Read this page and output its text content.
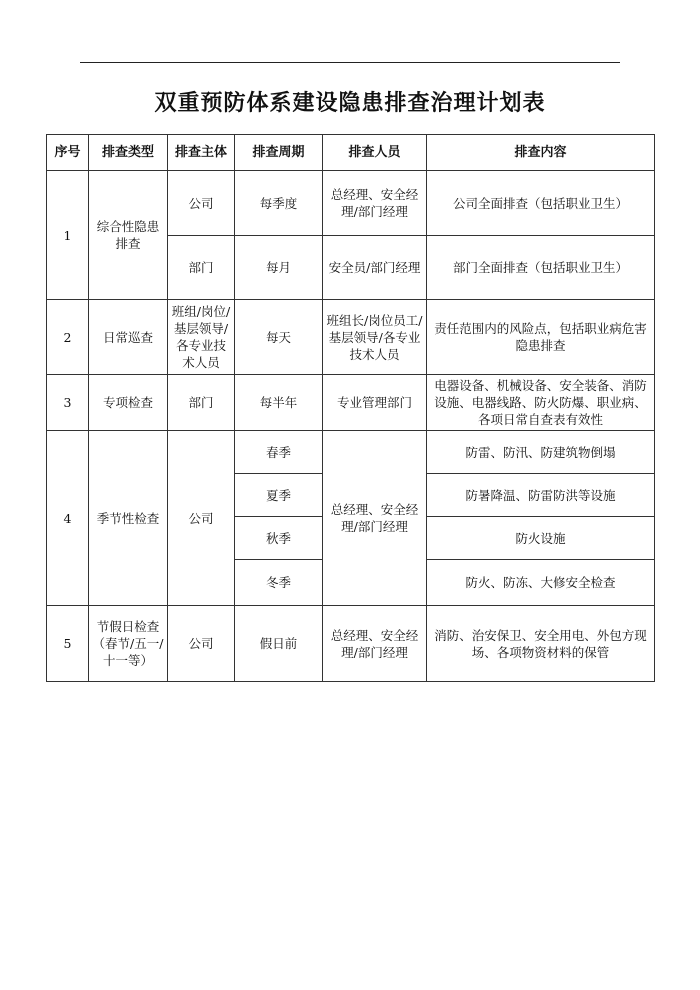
双重预防体系建设隐患排查治理计划表
序号	排查类型	排查主体	排查周期	排查人员	排查内容
1	综合性隐患排查	公司	每季度	总经理、安全经理/部门经理	公司全面排查（包括职业卫生）
		部门	每月	安全员/部门经理	部门全面排查（包括职业卫生）
2	日常巡查	班组/岗位/基层领导/各专业技术人员	每天	班组长/岗位员工/基层领导/各专业技术人员	责任范围内的风险点，包括职业病危害隐患排查
3	专项检查	部门	每半年	专业管理部门	电器设备、机械设备、安全装备、消防设施、电器线路、防火防爆、职业病、各项日常自查表有效性
4	季节性检查	公司	春季	总经理、安全经理/部门经理	防雷、防汛、防建筑物倒塌
			夏季		防暑降温、防雷防洪等设施
			秋季		防火设施
			冬季		防火、防冻、大修安全检查
5	节假日检查（春节/五一/十一等）	公司	假日前	总经理、安全经理/部门经理	消防、治安保卫、安全用电、外包方现场、各项物资材料的保管
